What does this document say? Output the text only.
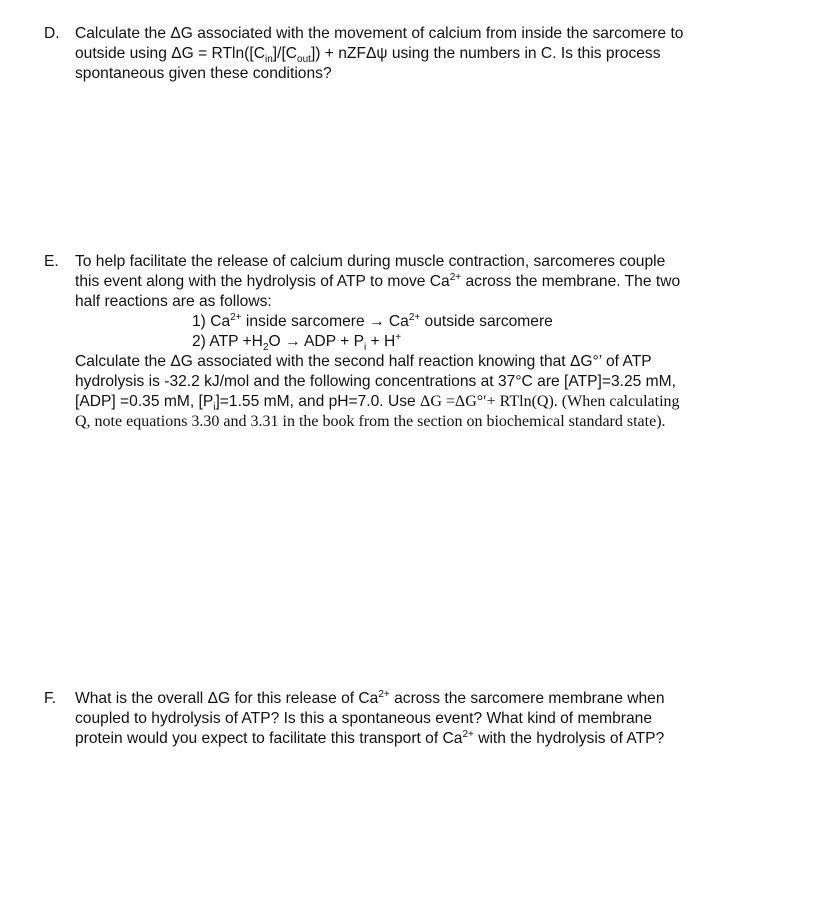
D. Calculate the ΔG associated with the movement of calcium from inside the sarcomere to

outside using $\Delta G = RTln([C_{in}]/[C_{out}]) + nZF\Delta\psi$ using the numbers in C. Is this process

spontaneous given these conditions?

E. To help facilitate the release of calcium during muscle contraction, sarcomeres couple

this event along with the hydrolysis of ATP to move $Ca^{2+}$ across the membrane. The two

half reactions are as follows:

1) $Ca^{2+}$ inside sarcomere → $Ca^{2+}$ outside sarcomere

2) ATP $+H_2O$ → ADP + $P_i + H^+$

Calculate the ΔG associated with the second half reaction knowing that ΔG°’ of ATP

hydrolysis is -32.2 kJ/mol and the following concentrations at 37°C are [ATP]=3.25 mM,

[ADP] =0.35 mM, $[P_i]=1.55$ mM, and pH=7.0. Use ΔG =ΔG°′+ RTln(Q). (When calculating

Q, note equations 3.30 and 3.31 in the book from the section on biochemical standard state).

F. What is the overall ΔG for this release of $Ca^{2+}$ across the sarcomere membrane when

coupled to hydrolysis of ATP? Is this a spontaneous event? What kind of membrane

protein would you expect to facilitate this transport of $Ca^{2+}$ with the hydrolysis of ATP?
